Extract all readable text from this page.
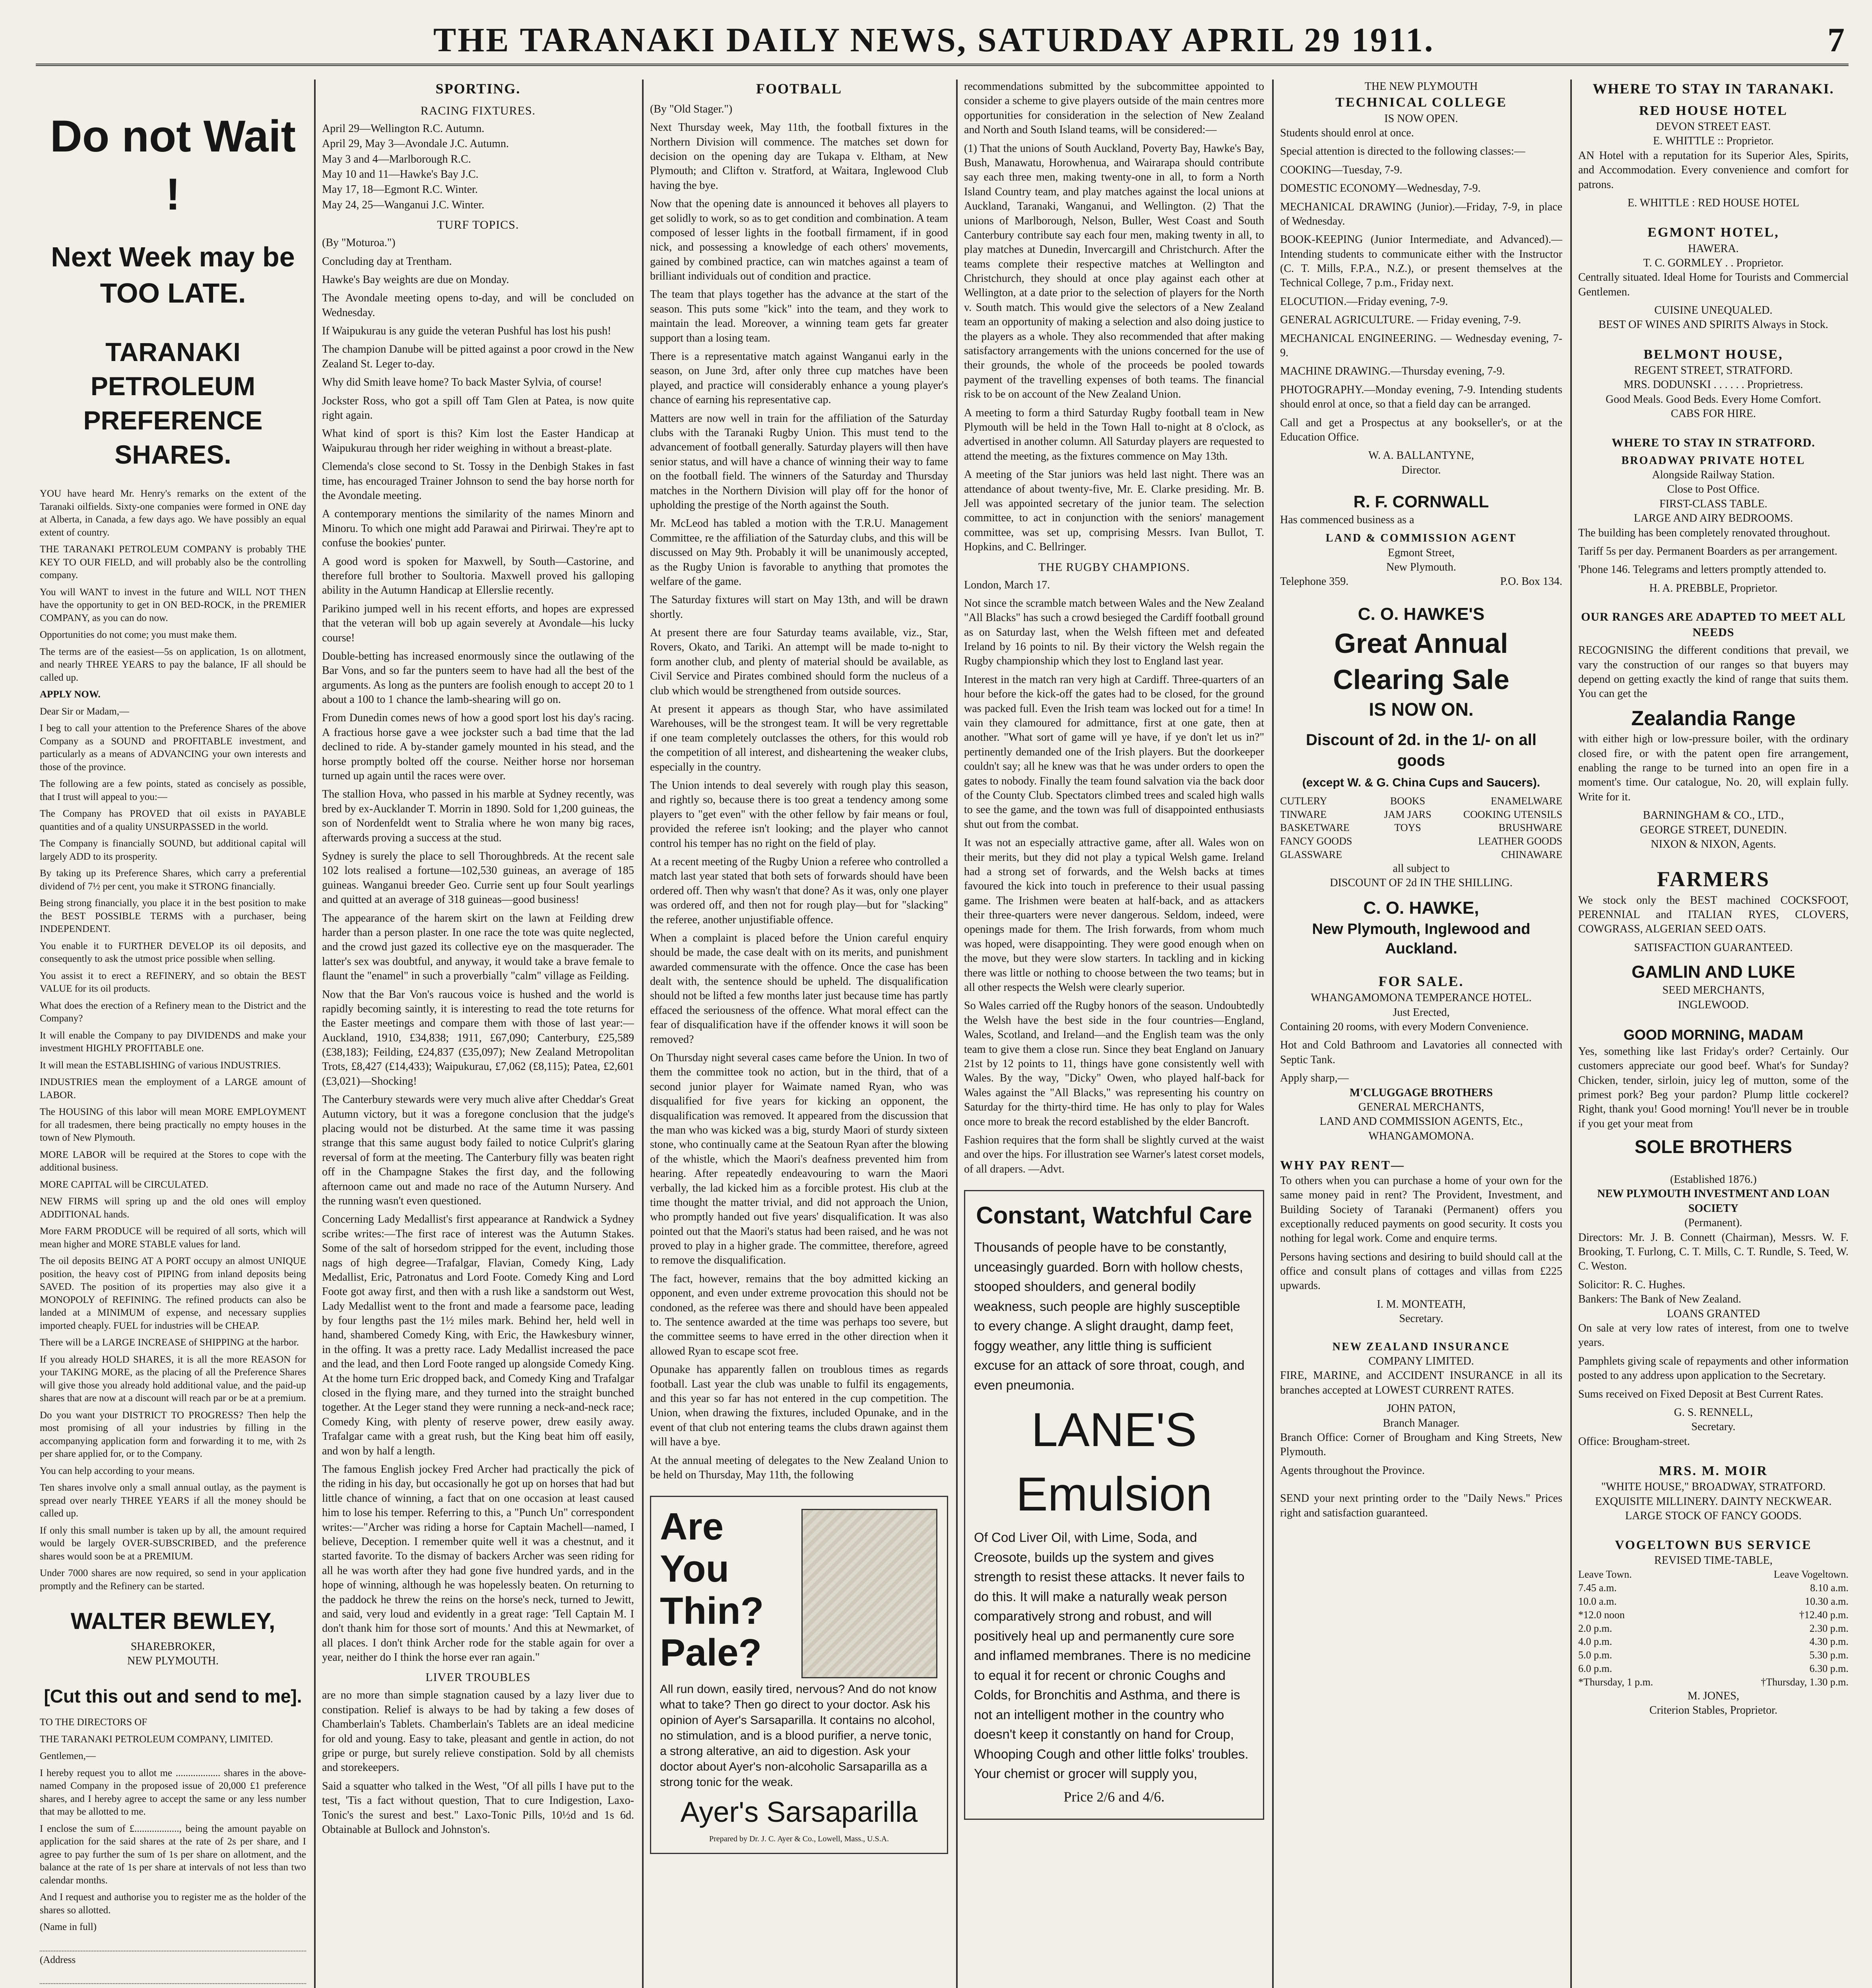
THE TARANAKI DAILY NEWS, SATURDAY APRIL 29 1911.	7
Do not Wait !
Next Week may be TOO LATE.
TARANAKI PETROLEUM PREFERENCE SHARES.

YOU have heard Mr. Henry's remarks on the extent of the Taranaki oilfields. Sixty-one companies were formed in ONE day at Alberta, in Canada, a few days ago. We have possibly an equal extent of country.

THE TARANAKI PETROLEUM COMPANY is probably THE KEY TO OUR FIELD, and will probably also be the controlling company.

You will WANT to invest in the future and WILL NOT THEN have the opportunity to get in ON BED-ROCK, in the PREMIER COMPANY, as you can do now.

Opportunities do not come; you must make them.

The terms are of the easiest—5s on application, 1s on allotment, and nearly THREE YEARS to pay the balance, IF all should be called up.

APPLY NOW.

Dear Sir or Madam,—

I beg to call your attention to the Preference Shares of the above Company as a SOUND and PROFITABLE investment, and particularly as a means of ADVANCING your own interests and those of the province.

The following are a few points, stated as concisely as possible, that I trust will appeal to you:—

The Company has PROVED that oil exists in PAYABLE quantities and of a quality UNSURPASSED in the world.

The Company is financially SOUND, but additional capital will largely ADD to its prosperity.

By taking up its Preference Shares, which carry a preferential dividend of 7½ per cent, you make it STRONG financially.

Being strong financially, you place it in the best position to make the BEST POSSIBLE TERMS with a purchaser, being INDEPENDENT.

You enable it to FURTHER DEVELOP its oil deposits, and consequently to ask the utmost price possible when selling.

You assist it to erect a REFINERY, and so obtain the BEST VALUE for its oil products.

What does the erection of a Refinery mean to the District and the Company?

It will enable the Company to pay DIVIDENDS and make your investment HIGHLY PROFITABLE one.

It will mean the ESTABLISHING of various INDUSTRIES.

INDUSTRIES mean the employment of a LARGE amount of LABOR.

The HOUSING of this labor will mean MORE EMPLOYMENT for all tradesmen, there being practically no empty houses in the town of New Plymouth.

MORE LABOR will be required at the Stores to cope with the additional business.

MORE CAPITAL will be CIRCULATED.

NEW FIRMS will spring up and the old ones will employ ADDITIONAL hands.

More FARM PRODUCE will be required of all sorts, which will mean higher and MORE STABLE values for land.

The oil deposits BEING AT A PORT occupy an almost UNIQUE position, the heavy cost of PIPING from inland deposits being SAVED. The position of its properties may also give it a MONOPOLY of REFINING. The refined products can also be landed at a MINIMUM of expense, and necessary supplies imported cheaply. FUEL for industries will be CHEAP.

There will be a LARGE INCREASE of SHIPPING at the harbor.

If you already HOLD SHARES, it is all the more REASON for your TAKING MORE, as the placing of all the Preference Shares will give those you already hold additional value, and the paid-up shares that are now at a discount will reach par or be at a premium.

Do you want your DISTRICT TO PROGRESS? Then help the most promising of all your industries by filling in the accompanying application form and forwarding it to me, with 2s per share applied for, or to the Company.

You can help according to your means.

Ten shares involve only a small annual outlay, as the payment is spread over nearly THREE YEARS if all the money should be called up.

If only this small number is taken up by all, the amount required would be largely OVER-SUBSCRIBED, and the preference shares would soon be at a PREMIUM.

Under 7000 shares are now required, so send in your application promptly and the Refinery can be started.

WALTER BEWLEY,
SHAREBROKER,
NEW PLYMOUTH.
[Cut this out and send to me].

TO THE DIRECTORS OF

THE TARANAKI PETROLEUM COMPANY, LIMITED.

Gentlemen,—

I hereby request you to allot me .................. shares in the above-named Company in the proposed issue of 20,000 £1 preference shares, and I hereby agree to accept the same or any less number that may be allotted to me.

I enclose the sum of £.................., being the amount payable on application for the said shares at the rate of 2s per share, and I agree to pay further the sum of 1s per share on allotment, and the balance at the rate of 1s per share at intervals of not less than two calendar months.

And I request and authorise you to register me as the holder of the shares so allotted.

(Name in full)
(Address

SPORTING.
RACING FIXTURES.
April 29—Wellington R.C. Autumn.
April 29, May 3—Avondale J.C. Autumn.
May 3 and 4—Marlborough R.C.
May 10 and 11—Hawke's Bay J.C.
May 17, 18—Egmont R.C. Winter.
May 24, 25—Wanganui J.C. Winter.
TURF TOPICS.

(By "Moturoa.")

Concluding day at Trentham.

Hawke's Bay weights are due on Monday.

The Avondale meeting opens to-day, and will be concluded on Wednesday.

If Waipukurau is any guide the veteran Pushful has lost his push!

The champion Danube will be pitted against a poor crowd in the New Zealand St. Leger to-day.

Why did Smith leave home? To back Master Sylvia, of course!

Jockster Ross, who got a spill off Tam Glen at Patea, is now quite right again.

What kind of sport is this? Kim lost the Easter Handicap at Waipukurau through her rider weighing in without a breast-plate.

Clemenda's close second to St. Tossy in the Denbigh Stakes in fast time, has encouraged Trainer Johnson to send the bay horse north for the Avondale meeting.

A contemporary mentions the similarity of the names Minorn and Minoru. To which one might add Parawai and Pirirwai. They're apt to confuse the bookies' punter.

A good word is spoken for Maxwell, by South—Castorine, and therefore full brother to Soultoria. Maxwell proved his galloping ability in the Autumn Handicap at Ellerslie recently.

Parikino jumped well in his recent efforts, and hopes are expressed that the veteran will bob up again severely at Avondale—his lucky course!

Double-betting has increased enormously since the outlawing of the Bar Vons, and so far the punters seem to have had all the best of the arguments. As long as the punters are foolish enough to accept 20 to 1 about a 100 to 1 chance the lamb-shearing will go on.

From Dunedin comes news of how a good sport lost his day's racing. A fractious horse gave a wee jockster such a bad time that the lad declined to ride. A by-stander gamely mounted in his stead, and the horse promptly bolted off the course. Neither horse nor horseman turned up again until the races were over.

The stallion Hova, who passed in his marble at Sydney recently, was bred by ex-Aucklander T. Morrin in 1890. Sold for 1,200 guineas, the son of Nordenfeldt went to Stralia where he won many big races, afterwards proving a success at the stud.

Sydney is surely the place to sell Thoroughbreds. At the recent sale 102 lots realised a fortune—102,530 guineas, an average of 185 guineas. Wanganui breeder Geo. Currie sent up four Soult yearlings and quitted at an average of 318 guineas—good business!

The appearance of the harem skirt on the lawn at Feilding drew harder than a person plaster. In one race the tote was quite neglected, and the crowd just gazed its collective eye on the masquerader. The latter's sex was doubtful, and anyway, it would take a brave female to flaunt the "enamel" in such a proverbially "calm" village as Feilding.

Now that the Bar Von's raucous voice is hushed and the world is rapidly becoming saintly, it is interesting to read the tote returns for the Easter meetings and compare them with those of last year:—Auckland, 1910, £34,838; 1911, £67,090; Canterbury, £25,589 (£38,183); Feilding, £24,837 (£35,097); New Zealand Metropolitan Trots, £8,427 (£14,433); Waipukurau, £7,062 (£8,115); Patea, £2,601 (£3,021)—Shocking!

The Canterbury stewards were very much alive after Cheddar's Great Autumn victory, but it was a foregone conclusion that the judge's placing would not be disturbed. At the same time it was passing strange that this same august body failed to notice Culprit's glaring reversal of form at the meeting. The Canterbury filly was beaten right off in the Champagne Stakes the first day, and the following afternoon came out and made no race of the Autumn Nursery. And the running wasn't even questioned.

Concerning Lady Medallist's first appearance at Randwick a Sydney scribe writes:—The first race of interest was the Autumn Stakes. Some of the salt of horsedom stripped for the event, including those nags of high degree—Trafalgar, Flavian, Comedy King, Lady Medallist, Eric, Patronatus and Lord Foote. Comedy King and Lord Foote got away first, and then with a rush like a sandstorm out West, Lady Medallist went to the front and made a fearsome pace, leading by four lengths past the 1½ miles mark. Behind her, held well in hand, shambered Comedy King, with Eric, the Hawkesbury winner, in the offing. It was a pretty race. Lady Medallist increased the pace and the lead, and then Lord Foote ranged up alongside Comedy King. At the home turn Eric dropped back, and Comedy King and Trafalgar closed in the flying mare, and they turned into the straight bunched together. At the Leger stand they were running a neck-and-neck race; Comedy King, with plenty of reserve power, drew easily away. Trafalgar came with a great rush, but the King beat him off easily, and won by half a length.

The famous English jockey Fred Archer had practically the pick of the riding in his day, but occasionally he got up on horses that had but little chance of winning, a fact that on one occasion at least caused him to lose his temper. Referring to this, a "Punch Un" correspondent writes:—"Archer was riding a horse for Captain Machell—named, I believe, Deception. I remember quite well it was a chestnut, and it started favorite. To the dismay of backers Archer was seen riding for all he was worth after they had gone five hundred yards, and in the hope of winning, although he was hopelessly beaten. On returning to the paddock he threw the reins on the horse's neck, turned to Jewitt, and said, very loud and evidently in a great rage: 'Tell Captain M. I don't thank him for those sort of mounts.' And this at Newmarket, of all places. I don't think Archer rode for the stable again for over a year, neither do I think the horse ever ran again."

LIVER TROUBLES

are no more than simple stagnation caused by a lazy liver due to constipation. Relief is always to be had by taking a few doses of Chamberlain's Tablets. Chamberlain's Tablets are an ideal medicine for old and young. Easy to take, pleasant and gentle in action, do not gripe or purge, but surely relieve constipation. Sold by all chemists and storekeepers.

Said a squatter who talked in the West, "Of all pills I have put to the test, 'Tis a fact without question, That to cure Indigestion, Laxo-Tonic's the surest and best." Laxo-Tonic Pills, 10½d and 1s 6d. Obtainable at Bullock and Johnston's.

FOOTBALL

(By "Old Stager.")

Next Thursday week, May 11th, the football fixtures in the Northern Division will commence. The matches set down for decision on the opening day are Tukapa v. Eltham, at New Plymouth; and Clifton v. Stratford, at Waitara, Inglewood Club having the bye.

Now that the opening date is announced it behoves all players to get solidly to work, so as to get condition and combination. A team composed of lesser lights in the football firmament, if in good nick, and possessing a knowledge of each others' movements, gained by combined practice, can win matches against a team of brilliant individuals out of condition and practice.

The team that plays together has the advance at the start of the season. This puts some "kick" into the team, and they work to maintain the lead. Moreover, a winning team gets far greater support than a losing team.

There is a representative match against Wanganui early in the season, on June 3rd, after only three cup matches have been played, and practice will considerably enhance a young player's chance of earning his representative cap.

Matters are now well in train for the affiliation of the Saturday clubs with the Taranaki Rugby Union. This must tend to the advancement of football generally. Saturday players will then have senior status, and will have a chance of winning their way to fame on the football field. The winners of the Saturday and Thursday matches in the Northern Division will play off for the honor of upholding the prestige of the North against the South.

Mr. McLeod has tabled a motion with the T.R.U. Management Committee, re the affiliation of the Saturday clubs, and this will be discussed on May 9th. Probably it will be unanimously accepted, as the Rugby Union is favorable to anything that promotes the welfare of the game.

The Saturday fixtures will start on May 13th, and will be drawn shortly.

At present there are four Saturday teams available, viz., Star, Rovers, Okato, and Tariki. An attempt will be made to-night to form another club, and plenty of material should be available, as Civil Service and Pirates combined should form the nucleus of a club which would be strengthened from outside sources.

At present it appears as though Star, who have assimilated Warehouses, will be the strongest team. It will be very regrettable if one team completely outclasses the others, for this would rob the competition of all interest, and disheartening the weaker clubs, especially in the country.

The Union intends to deal severely with rough play this season, and rightly so, because there is too great a tendency among some players to "get even" with the other fellow by fair means or foul, provided the referee isn't looking; and the player who cannot control his temper has no right on the field of play.

At a recent meeting of the Rugby Union a referee who controlled a match last year stated that both sets of forwards should have been ordered off. Then why wasn't that done? As it was, only one player was ordered off, and then not for rough play—but for "slacking" the referee, another unjustifiable offence.

When a complaint is placed before the Union careful enquiry should be made, the case dealt with on its merits, and punishment awarded commensurate with the offence. Once the case has been dealt with, the sentence should be upheld. The disqualification should not be lifted a few months later just because time has partly effaced the seriousness of the offence. What moral effect can the fear of disqualification have if the offender knows it will soon be removed?

On Thursday night several cases came before the Union. In two of them the committee took no action, but in the third, that of a second junior player for Waimate named Ryan, who was disqualified for five years for kicking an opponent, the disqualification was removed. It appeared from the discussion that the man who was kicked was a big, sturdy Maori of sturdy sixteen stone, who continually came at the Seatoun Ryan after the blowing of the whistle, which the Maori's deafness prevented him from hearing. After repeatedly endeavouring to warn the Maori verbally, the lad kicked him as a forcible protest. His club at the time thought the matter trivial, and did not approach the Union, who promptly handed out five years' disqualification. It was also pointed out that the Maori's status had been raised, and he was not proved to play in a higher grade. The committee, therefore, agreed to remove the disqualification.

The fact, however, remains that the boy admitted kicking an opponent, and even under extreme provocation this should not be condoned, as the referee was there and should have been appealed to. The sentence awarded at the time was perhaps too severe, but the committee seems to have erred in the other direction when it allowed Ryan to escape scot free.

Opunake has apparently fallen on troublous times as regards football. Last year the club was unable to fulfil its engagements, and this year so far has not entered in the cup competition. The Union, when drawing the fixtures, included Opunake, and in the event of that club not entering teams the clubs drawn against them will have a bye.

At the annual meeting of delegates to the New Zealand Union to be held on Thursday, May 11th, the following

Are
You
Thin?
Pale?

All run down, easily tired, nervous? And do not know what to take? Then go direct to your doctor. Ask his opinion of Ayer's Sarsaparilla. It contains no alcohol, no stimulation, and is a blood purifier, a nerve tonic, a strong alterative, an aid to digestion. Ask your doctor about Ayer's non-alcoholic Sarsaparilla as a strong tonic for the weak.

Ayer's Sarsaparilla
Prepared by Dr. J. C. Ayer & Co., Lowell, Mass., U.S.A.

recommendations submitted by the subcommittee appointed to consider a scheme to give players outside of the main centres more opportunities for consideration in the selection of New Zealand and North and South Island teams, will be considered:—

(1) That the unions of South Auckland, Poverty Bay, Hawke's Bay, Bush, Manawatu, Horowhenua, and Wairarapa should contribute say each three men, making twenty-one in all, to form a North Island Country team, and play matches against the local unions at Auckland, Taranaki, Wanganui, and Wellington. (2) That the unions of Marlborough, Nelson, Buller, West Coast and South Canterbury contribute say each four men, making twenty in all, to play matches at Dunedin, Invercargill and Christchurch. After the teams complete their respective matches at Wellington and Christchurch, they should at once play against each other at Wellington, at a date prior to the selection of players for the North v. South match. This would give the selectors of a New Zealand team an opportunity of making a selection and also doing justice to the players as a whole. They also recommended that after making satisfactory arrangements with the unions concerned for the use of their grounds, the whole of the proceeds be pooled towards payment of the travelling expenses of both teams. The financial risk to be on account of the New Zealand Union.

A meeting to form a third Saturday Rugby football team in New Plymouth will be held in the Town Hall to-night at 8 o'clock, as advertised in another column. All Saturday players are requested to attend the meeting, as the fixtures commence on May 13th.

A meeting of the Star juniors was held last night. There was an attendance of about twenty-five, Mr. E. Clarke presiding. Mr. B. Jell was appointed secretary of the junior team. The selection committee, to act in conjunction with the seniors' management committee, was set up, comprising Messrs. Ivan Bullot, T. Hopkins, and C. Bellringer.

THE RUGBY CHAMPIONS.

London, March 17.

Not since the scramble match between Wales and the New Zealand "All Blacks" has such a crowd besieged the Cardiff football ground as on Saturday last, when the Welsh fifteen met and defeated Ireland by 16 points to nil. By their victory the Welsh regain the Rugby championship which they lost to England last year.

Interest in the match ran very high at Cardiff. Three-quarters of an hour before the kick-off the gates had to be closed, for the ground was packed full. Even the Irish team was locked out for a time! In vain they clamoured for admittance, first at one gate, then at another. "What sort of game will ye have, if ye don't let us in?" pertinently demanded one of the Irish players. But the doorkeeper couldn't say; all he knew was that he was under orders to open the gates to nobody. Finally the team found salvation via the back door of the County Club. Spectators climbed trees and scaled high walls to see the game, and the town was full of disappointed enthusiasts shut out from the combat.

It was not an especially attractive game, after all. Wales won on their merits, but they did not play a typical Welsh game. Ireland had a strong set of forwards, and the Welsh backs at times favoured the kick into touch in preference to their usual passing game. The Irishmen were beaten at half-back, and as attackers their three-quarters were never dangerous. Seldom, indeed, were openings made for them. The Irish forwards, from whom much was hoped, were disappointing. They were good enough when on the move, but they were slow starters. In tackling and in kicking there was little or nothing to choose between the two teams; but in all other respects the Welsh were clearly superior.

So Wales carried off the Rugby honors of the season. Undoubtedly the Welsh have the best side in the four countries—England, Wales, Scotland, and Ireland—and the English team was the only team to give them a close run. Since they beat England on January 21st by 12 points to 11, things have gone consistently well with Wales. By the way, "Dicky" Owen, who played half-back for Wales against the "All Blacks," was representing his country on Saturday for the thirty-third time. He has only to play for Wales once more to break the record established by the elder Bancroft.

Fashion requires that the form shall be slightly curved at the waist and over the hips. For illustration see Warner's latest corset models, of all drapers. —Advt.

Constant, Watchful Care

Thousands of people have to be constantly, unceasingly guarded. Born with hollow chests, stooped shoulders, and general bodily weakness, such people are highly susceptible to every change. A slight draught, damp feet, foggy weather, any little thing is sufficient excuse for an attack of sore throat, cough, and even pneumonia.

LANE'S
Emulsion

Of Cod Liver Oil, with Lime, Soda, and Creosote, builds up the system and gives strength to resist these attacks. It never fails to do this. It will make a naturally weak person comparatively strong and robust, and will positively heal up and permanently cure sore and inflamed membranes. There is no medicine to equal it for recent or chronic Coughs and Colds, for Bronchitis and Asthma, and there is not an intelligent mother in the country who doesn't keep it constantly on hand for Croup, Whooping Cough and other little folks' troubles. Your chemist or grocer will supply you,

Price 2/6 and 4/6.

THE NEW PLYMOUTH
TECHNICAL COLLEGE
IS NOW OPEN.

Students should enrol at once.

Special attention is directed to the following classes:—

COOKING—Tuesday, 7-9.

DOMESTIC ECONOMY—Wednesday, 7-9.

MECHANICAL DRAWING (Junior).—Friday, 7-9, in place of Wednesday.

BOOK-KEEPING (Junior Intermediate, and Advanced).—Intending students to communicate either with the Instructor (C. T. Mills, F.P.A., N.Z.), or present themselves at the Technical College, 7 p.m., Friday next.

ELOCUTION.—Friday evening, 7-9.

GENERAL AGRICULTURE. — Friday evening, 7-9.

MECHANICAL ENGINEERING. — Wednesday evening, 7-9.

MACHINE DRAWING.—Thursday evening, 7-9.

PHOTOGRAPHY.—Monday evening, 7-9. Intending students should enrol at once, so that a field day can be arranged.

Call and get a Prospectus at any bookseller's, or at the Education Office.

W. A. BALLANTYNE,
Director.
R. F. CORNWALL

Has commenced business as a

LAND & COMMISSION AGENT
Egmont Street,
New Plymouth.
Telephone 359.	P.O. Box 134.
C. O. HAWKE'S
Great Annual
Clearing Sale
IS NOW ON.
Discount of 2d. in the 1/- on all goods
(except W. & G. China Cups and Saucers).
CUTLERY
TINWARE
BASKETWARE
FANCY GOODS
GLASSWARE
BOOKS
JAM JARS
TOYS
ENAMELWARE
COOKING UTENSILS
BRUSHWARE
LEATHER GOODS
CHINAWARE
all subject to
DISCOUNT OF 2d IN THE SHILLING.
C. O. HAWKE,
New Plymouth, Inglewood and Auckland.
FOR SALE.
WHANGAMOMONA TEMPERANCE HOTEL.
Just Erected,

Containing 20 rooms, with every Modern Convenience.

Hot and Cold Bathroom and Lavatories all connected with Septic Tank.

Apply sharp,—
M'CLUGGAGE BROTHERS
GENERAL MERCHANTS,
LAND AND COMMISSION AGENTS, Etc.,
WHANGAMOMONA.
WHY PAY RENT—

To others when you can purchase a home of your own for the same money paid in rent? The Provident, Investment, and Building Society of Taranaki (Permanent) offers you exceptionally reduced payments on good security. It costs you nothing for legal work. Come and enquire terms.

Persons having sections and desiring to build should call at the office and consult plans of cottages and villas from £225 upwards.

I. M. MONTEATH,
Secretary.
NEW ZEALAND INSURANCE
COMPANY LIMITED.

FIRE, MARINE, and ACCIDENT INSURANCE in all its branches accepted at LOWEST CURRENT RATES.

JOHN PATON,
Branch Manager.

Branch Office: Corner of Brougham and King Streets, New Plymouth.

Agents throughout the Province.

SEND your next printing order to the "Daily News." Prices right and satisfaction guaranteed.

WHERE TO STAY IN TARANAKI.
RED HOUSE HOTEL
DEVON STREET EAST.
E. WHITTLE :: Proprietor.

AN Hotel with a reputation for its Superior Ales, Spirits, and Accommodation. Every convenience and comfort for patrons.

E. WHITTLE : RED HOUSE HOTEL
EGMONT HOTEL,
HAWERA.
T. C. GORMLEY . . Proprietor.

Centrally situated. Ideal Home for Tourists and Commercial Gentlemen.

CUISINE UNEQUALED.
BEST OF WINES AND SPIRITS Always in Stock.
BELMONT HOUSE,
REGENT STREET, STRATFORD.
MRS. DODUNSKI . . . . . . Proprietress.
Good Meals. Good Beds. Every Home Comfort.
CABS FOR HIRE.
WHERE TO STAY IN STRATFORD.
BROADWAY PRIVATE HOTEL
Alongside Railway Station.
Close to Post Office.
FIRST-CLASS TABLE.
LARGE AND AIRY BEDROOMS.

The building has been completely renovated throughout.

Tariff 5s per day. Permanent Boarders as per arrangement.

'Phone 146. Telegrams and letters promptly attended to.

H. A. PREBBLE, Proprietor.
OUR RANGES ARE ADAPTED TO MEET ALL NEEDS

RECOGNISING the different conditions that prevail, we vary the construction of our ranges so that buyers may depend on getting exactly the kind of range that suits them. You can get the

Zealandia Range

with either high or low-pressure boiler, with the ordinary closed fire, or with the patent open fire arrangement, enabling the range to be turned into an open fire in a moment's time. Our catalogue, No. 20, will explain fully. Write for it.

BARNINGHAM & CO., LTD.,
GEORGE STREET, DUNEDIN.
NIXON & NIXON, Agents.
FARMERS

We stock only the BEST machined COCKSFOOT, PERENNIAL and ITALIAN RYES, CLOVERS, COWGRASS, ALGERIAN SEED OATS.

SATISFACTION GUARANTEED.
GAMLIN AND LUKE
SEED MERCHANTS,
INGLEWOOD.
GOOD MORNING, MADAM

Yes, something like last Friday's order? Certainly. Our customers appreciate our good beef. What's for Sunday? Chicken, tender, sirloin, juicy leg of mutton, some of the primest pork? Beg your pardon? Plump little cockerel? Right, thank you! Good morning! You'll never be in trouble if you get your meat from

SOLE BROTHERS
(Established 1876.)
NEW PLYMOUTH INVESTMENT AND LOAN SOCIETY
(Permanent).

Directors: Mr. J. B. Connett (Chairman), Messrs. W. F. Brooking, T. Furlong, C. T. Mills, C. T. Rundle, S. Teed, W. C. Weston.

Solicitor: R. C. Hughes.
Bankers: The Bank of New Zealand.
LOANS GRANTED

On sale at very low rates of interest, from one to twelve years.

Pamphlets giving scale of repayments and other information posted to any address upon application to the Secretary.

Sums received on Fixed Deposit at Best Current Rates.

G. S. RENNELL,
Secretary.
Office: Brougham-street.
MRS. M. MOIR
"WHITE HOUSE," BROADWAY, STRATFORD.
EXQUISITE MILLINERY. DAINTY NECKWEAR.
LARGE STOCK OF FANCY GOODS.
VOGELTOWN BUS SERVICE
REVISED TIME-TABLE,
Leave Town.	Leave Vogeltown.
7.45 a.m.	8.10 a.m.
10.0 a.m.	10.30 a.m.
*12.0 noon	†12.40 p.m.
2.0 p.m.	2.30 p.m.
4.0 p.m.	4.30 p.m.
5.0 p.m.	5.30 p.m.
6.0 p.m.	6.30 p.m.
*Thursday, 1 p.m.	†Thursday, 1.30 p.m.
M. JONES,
Criterion Stables, Proprietor.
